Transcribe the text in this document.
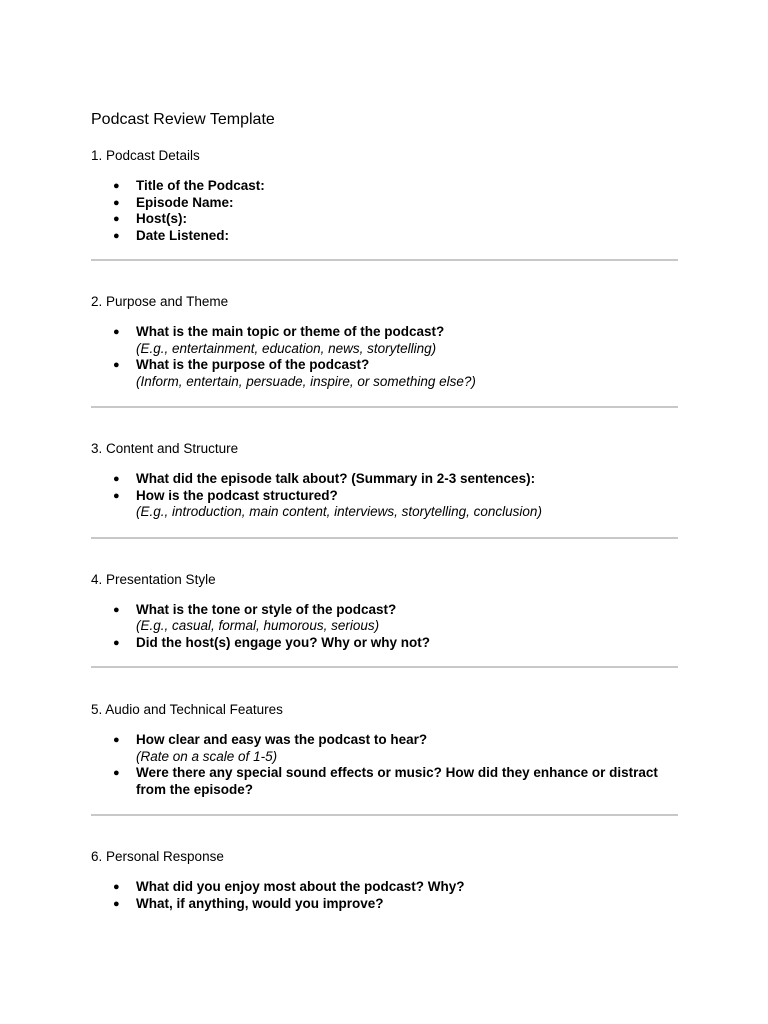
Podcast Review Template
1. Podcast Details
● Title of the Podcast:
● Episode Name:
● Host(s):
● Date Listened:
2. Purpose and Theme
● What is the main topic or theme of the podcast?
(E.g., entertainment, education, news, storytelling)
● What is the purpose of the podcast?
(Inform, entertain, persuade, inspire, or something else?)
3. Content and Structure
● What did the episode talk about? (Summary in 2-3 sentences):
● How is the podcast structured?
(E.g., introduction, main content, interviews, storytelling, conclusion)
4. Presentation Style
● What is the tone or style of the podcast?
(E.g., casual, formal, humorous, serious)
● Did the host(s) engage you? Why or why not?
5. Audio and Technical Features
● How clear and easy was the podcast to hear?
(Rate on a scale of 1-5)
● Were there any special sound effects or music? How did they enhance or distract from the episode?
6. Personal Response
● What did you enjoy most about the podcast? Why?
● What, if anything, would you improve?
